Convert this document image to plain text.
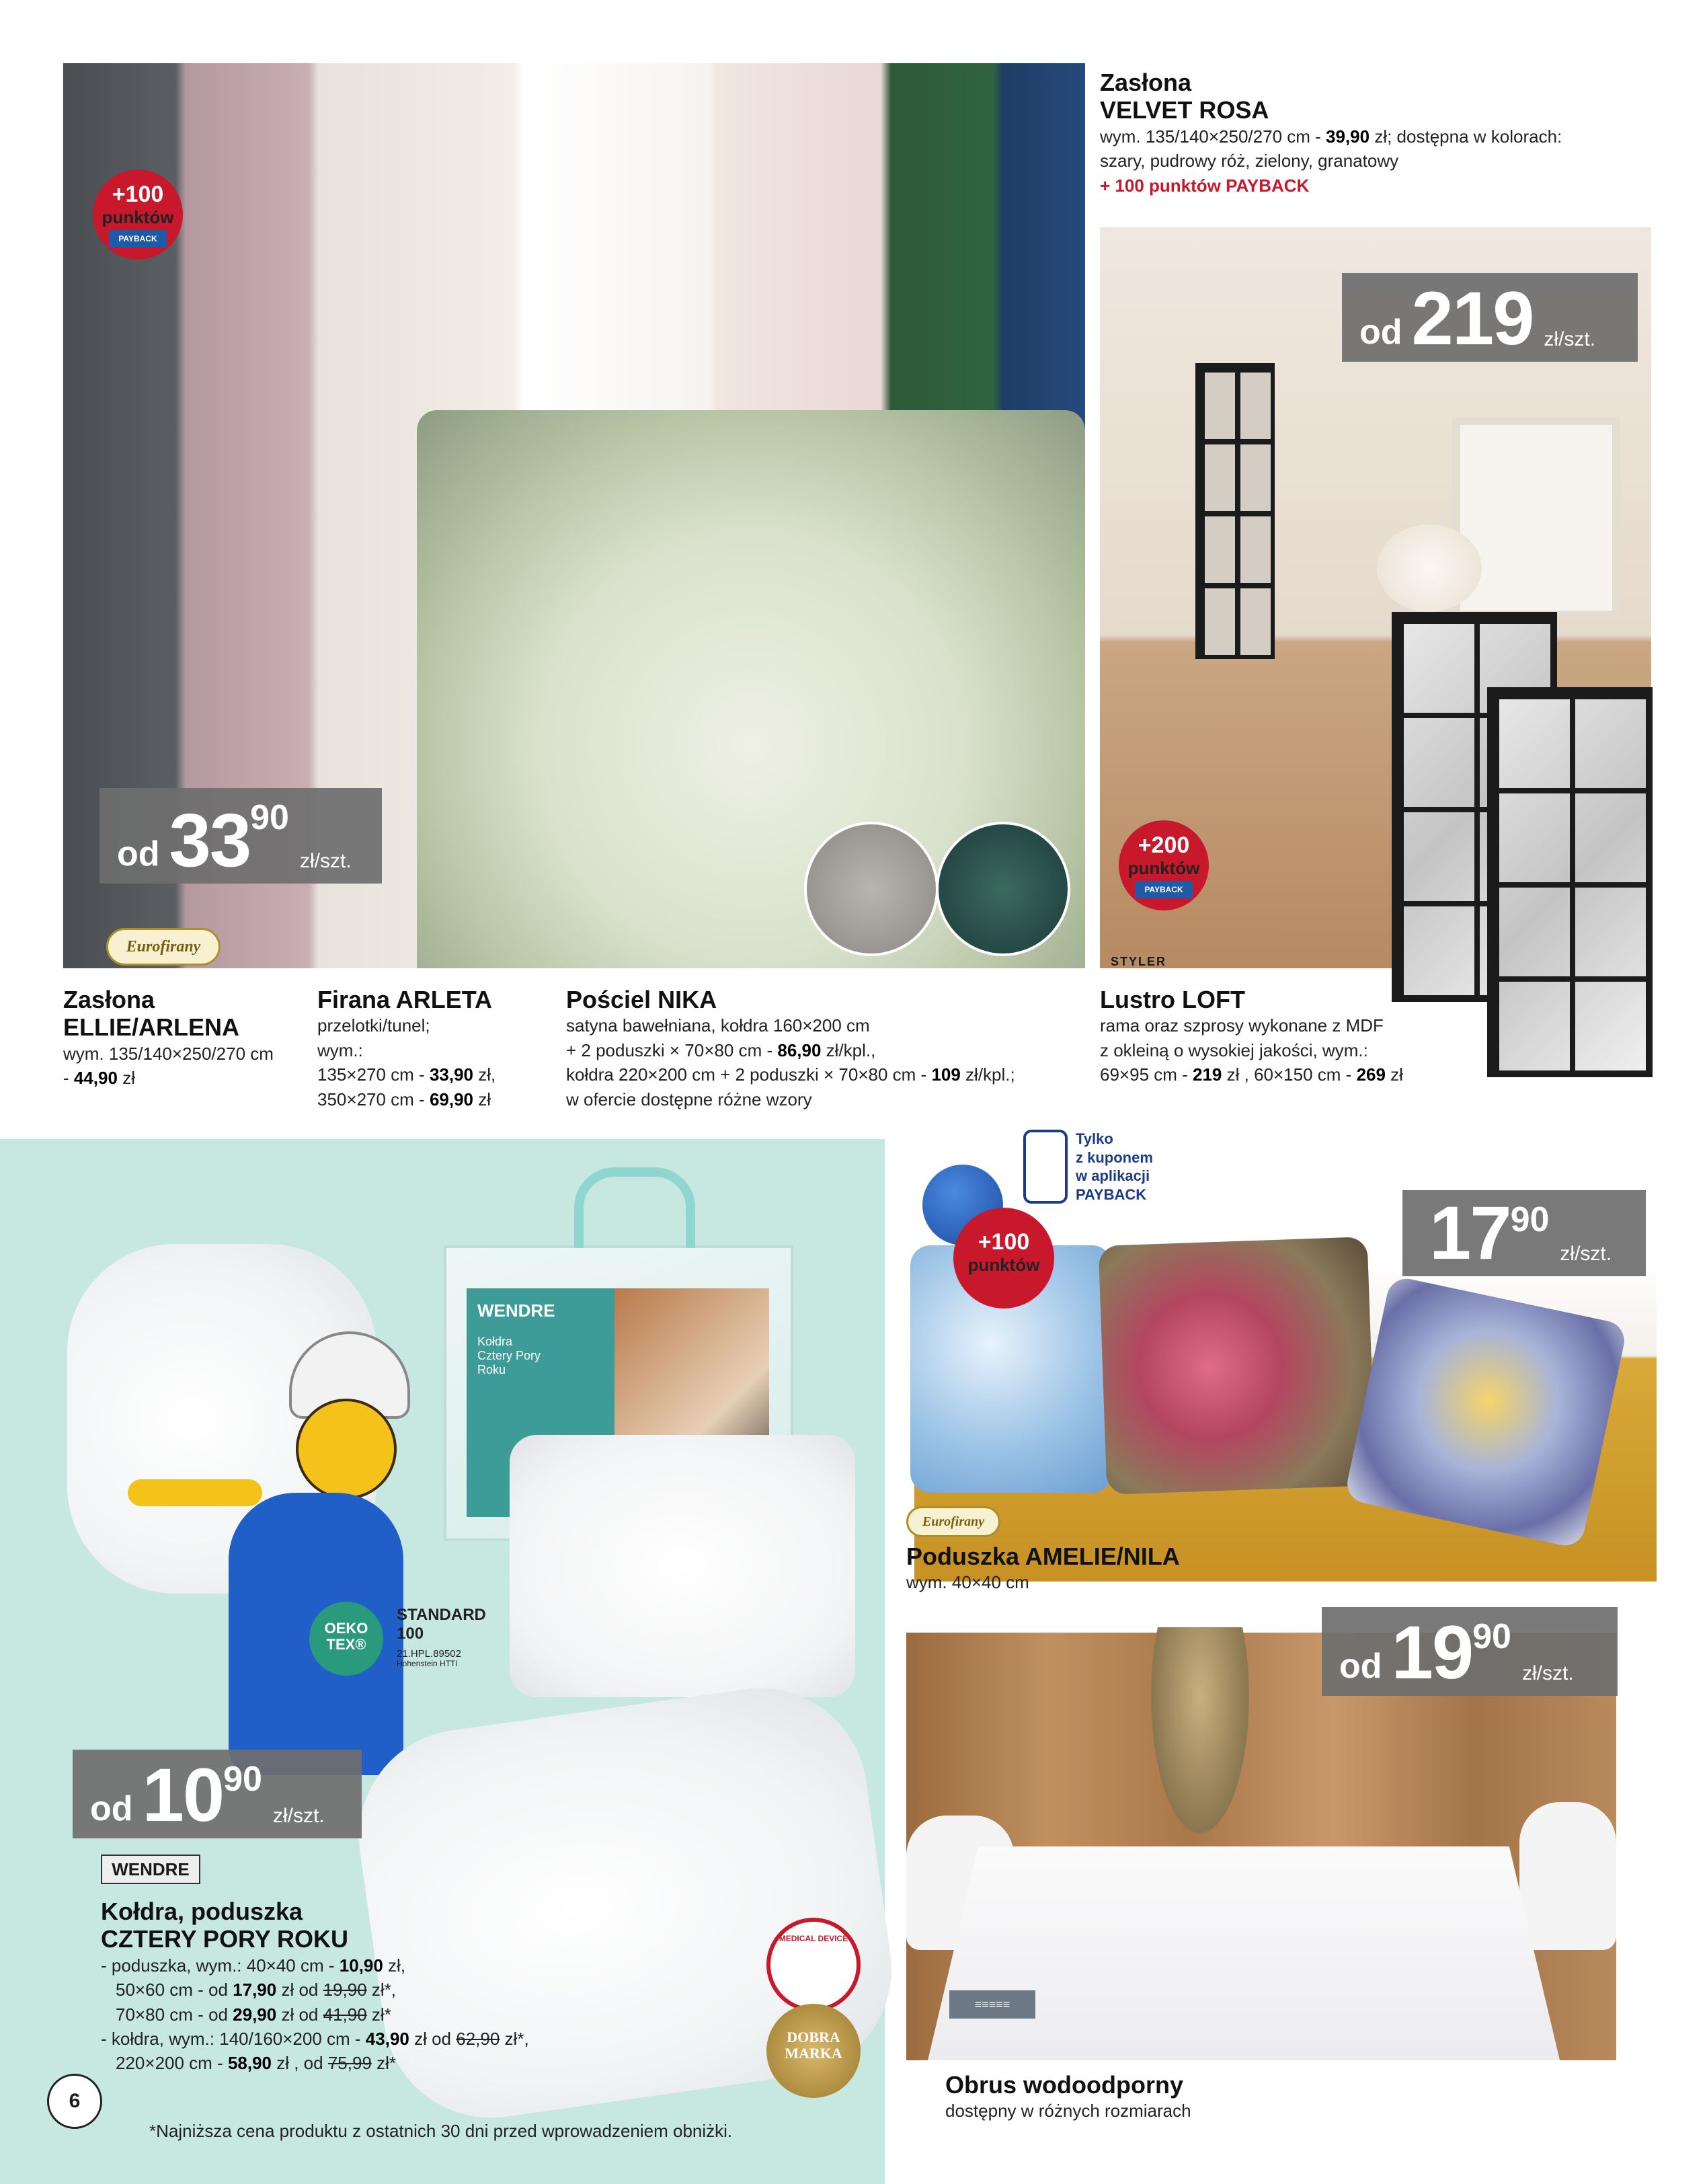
+100
punktów
PAYBACK
od 33 90
zł/szt.
Eurofirany
Zasłona
VELVET ROSA
wym. 135/140×250/270 cm - 39,90 zł; dostępna w kolorach:
szary, pudrowy róż, zielony, granatowy
+ 100 punktów PAYBACK
od 219 zł/szt.
+200
punktów
PAYBACK
STYLER
Zasłona
ELLIE/ARLENA
wym. 135/140×250/270 cm
- 44,90 zł
Firana ARLETA
przelotki/tunel;
wym.:
135×270 cm - 33,90 zł,
350×270 cm - 69,90 zł
Pościel NIKA
satyna bawełniana, kołdra 160×200 cm
+ 2 poduszki × 70×80 cm - 86,90 zł/kpl.,
kołdra 220×200 cm + 2 poduszki × 70×80 cm - 109 zł/kpl.;
w ofercie dostępne różne wzory
Lustro LOFT
rama oraz szprosy wykonane z MDF
z okleiną o wysokiej jakości, wym.:
69×95 cm - 219 zł , 60×150 cm - 269 zł
WENDRE
Kołdra
Cztery Pory
Roku
OEKO
TEX®
STANDARD
100
21.HPL.89502
Hohenstein HTTI
od 10 90
zł/szt.
WENDRE
Kołdra, poduszka
CZTERY PORY ROKU
- poduszka, wym.: 40×40 cm - 10,90 zł,
50×60 cm - od 17,90 zł od 19,90 zł*,
70×80 cm - od 29,90 zł od 41,90 zł*
- kołdra, wym.: 140/160×200 cm - 43,90 zł od 62,90 zł*,
220×200 cm - 58,90 zł , od 75,99 zł*
MEDICAL DEVICE
DOBRA
MARKA
6
*Najniższa cena produktu z ostatnich 30 dni przed wprowadzeniem obniżki.
Tylko
z kuponem
w aplikacji
PAYBACK
+100
punktów	17 90
zł/szt.
Eurofirany
Poduszka AMELIE/NILA
wym. 40×40 cm
od 19 90
zł/szt.
≡≡≡≡≡
Obrus wodoodporny
dostępny w różnych rozmiarach
